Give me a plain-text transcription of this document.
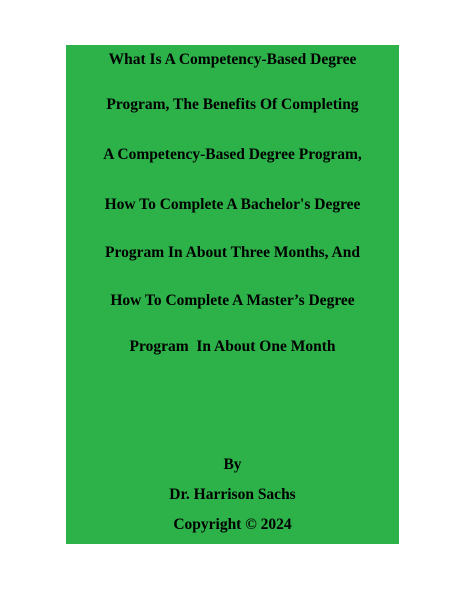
What Is A Competency-Based Degree

Program, The Benefits Of Completing

A Competency-Based Degree Program,

How To Complete A Bachelor's Degree

Program In About Three Months, And

How To Complete A Master’s Degree

Program  In About One Month

By

Dr. Harrison Sachs

Copyright © 2024
